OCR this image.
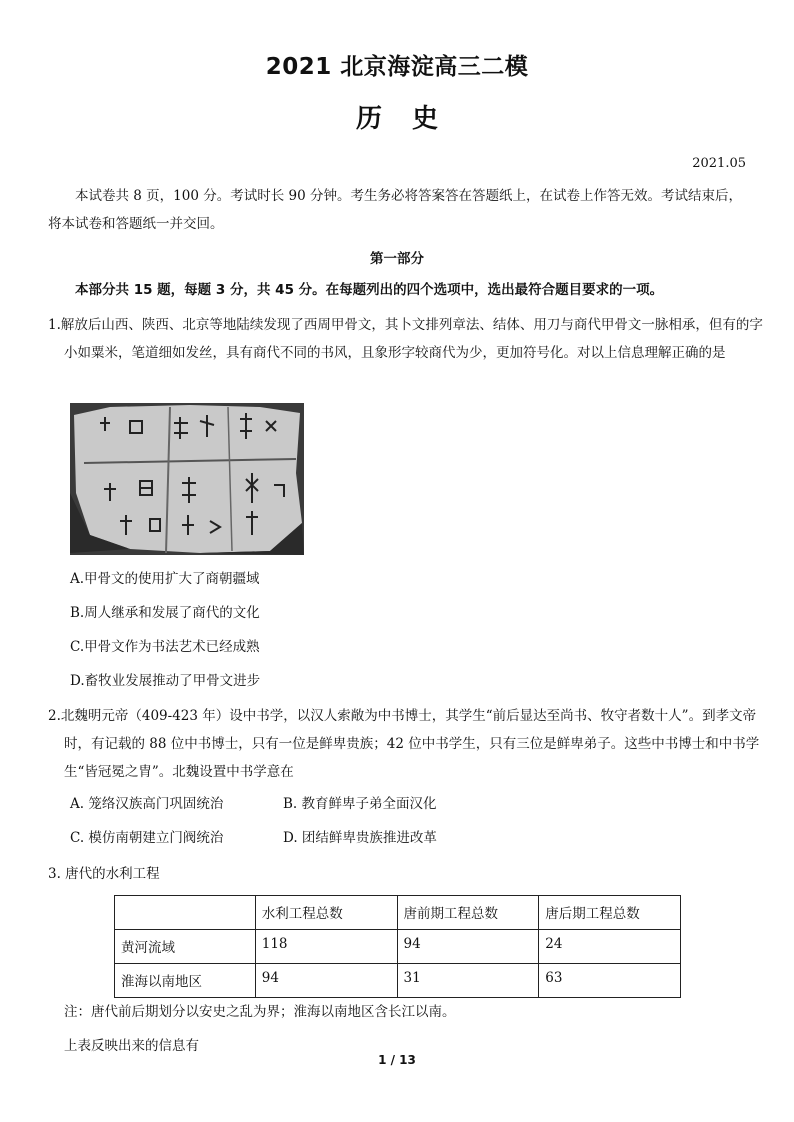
2021 北京海淀高三二模
历史
2021.05
本试卷共 8 页，100 分。考试时长 90 分钟。考生务必将答案答在答题纸上，在试卷上作答无效。考试结束后，将本试卷和答题纸一并交回。
第一部分
本部分共 15 题，每题 3 分，共 45 分。在每题列出的四个选项中，选出最符合题目要求的一项。
1.解放后山西、陕西、北京等地陆续发现了西周甲骨文，其卜文排列章法、结体、用刀与商代甲骨文一脉相承，但有的字小如粟米，笔道细如发丝，具有商代不同的书风，且象形字较商代为少，更加符号化。对以上信息理解正确的是
A.甲骨文的使用扩大了商朝疆域
B.周人继承和发展了商代的文化
C.甲骨文作为书法艺术已经成熟
D.畜牧业发展推动了甲骨文进步
2.北魏明元帝（409-423 年）设中书学，以汉人索敞为中书博士，其学生“前后显达至尚书、牧守者数十人”。到孝文帝时，有记载的 88 位中书博士，只有一位是鲜卑贵族；42 位中书学生，只有三位是鲜卑弟子。这些中书博士和中书学生“皆冠冕之胄”。北魏设置中书学意在
A. 笼络汉族高门巩固统治	B. 教育鲜卑子弟全面汉化
C. 模仿南朝建立门阀统治	D. 团结鲜卑贵族推进改革
3. 唐代的水利工程
	水利工程总数	唐前期工程总数	唐后期工程总数
黄河流域	118	94	24
淮海以南地区	94	31	63
注：唐代前后期划分以安史之乱为界；淮海以南地区含长江以南。
上表反映出来的信息有
1 / 13
